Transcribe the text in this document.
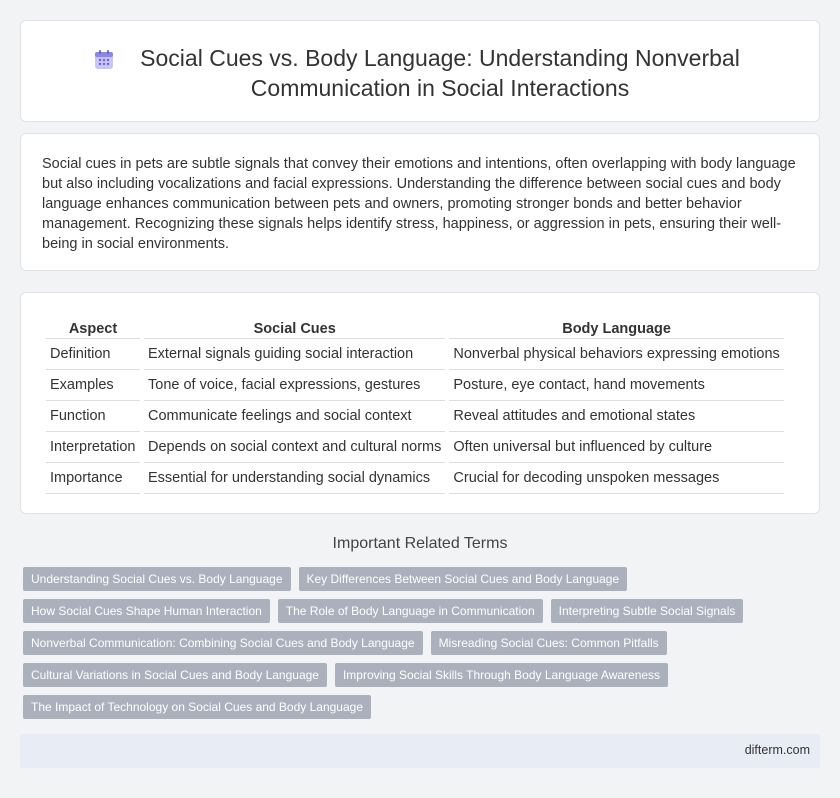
Social Cues vs. Body Language: Understanding Nonverbal Communication in Social Interactions

Social cues in pets are subtle signals that convey their emotions and intentions, often overlapping with body language but also including vocalizations and facial expressions. Understanding the difference between social cues and body language enhances communication between pets and owners, promoting stronger bonds and better behavior management. Recognizing these signals helps identify stress, happiness, or aggression in pets, ensuring their well-being in social environments.

Aspect	Social Cues	Body Language
Definition	External signals guiding social interaction	Nonverbal physical behaviors expressing emotions
Examples	Tone of voice, facial expressions, gestures	Posture, eye contact, hand movements
Function	Communicate feelings and social context	Reveal attitudes and emotional states
Interpretation	Depends on social context and cultural norms	Often universal but influenced by culture
Importance	Essential for understanding social dynamics	Crucial for decoding unspoken messages
Important Related Terms
Understanding Social Cues vs. Body Language	Key Differences Between Social Cues and Body Language
How Social Cues Shape Human Interaction	The Role of Body Language in Communication	Interpreting Subtle Social Signals
Nonverbal Communication: Combining Social Cues and Body Language	Misreading Social Cues: Common Pitfalls
Cultural Variations in Social Cues and Body Language	Improving Social Skills Through Body Language Awareness
The Impact of Technology on Social Cues and Body Language
difterm.com
